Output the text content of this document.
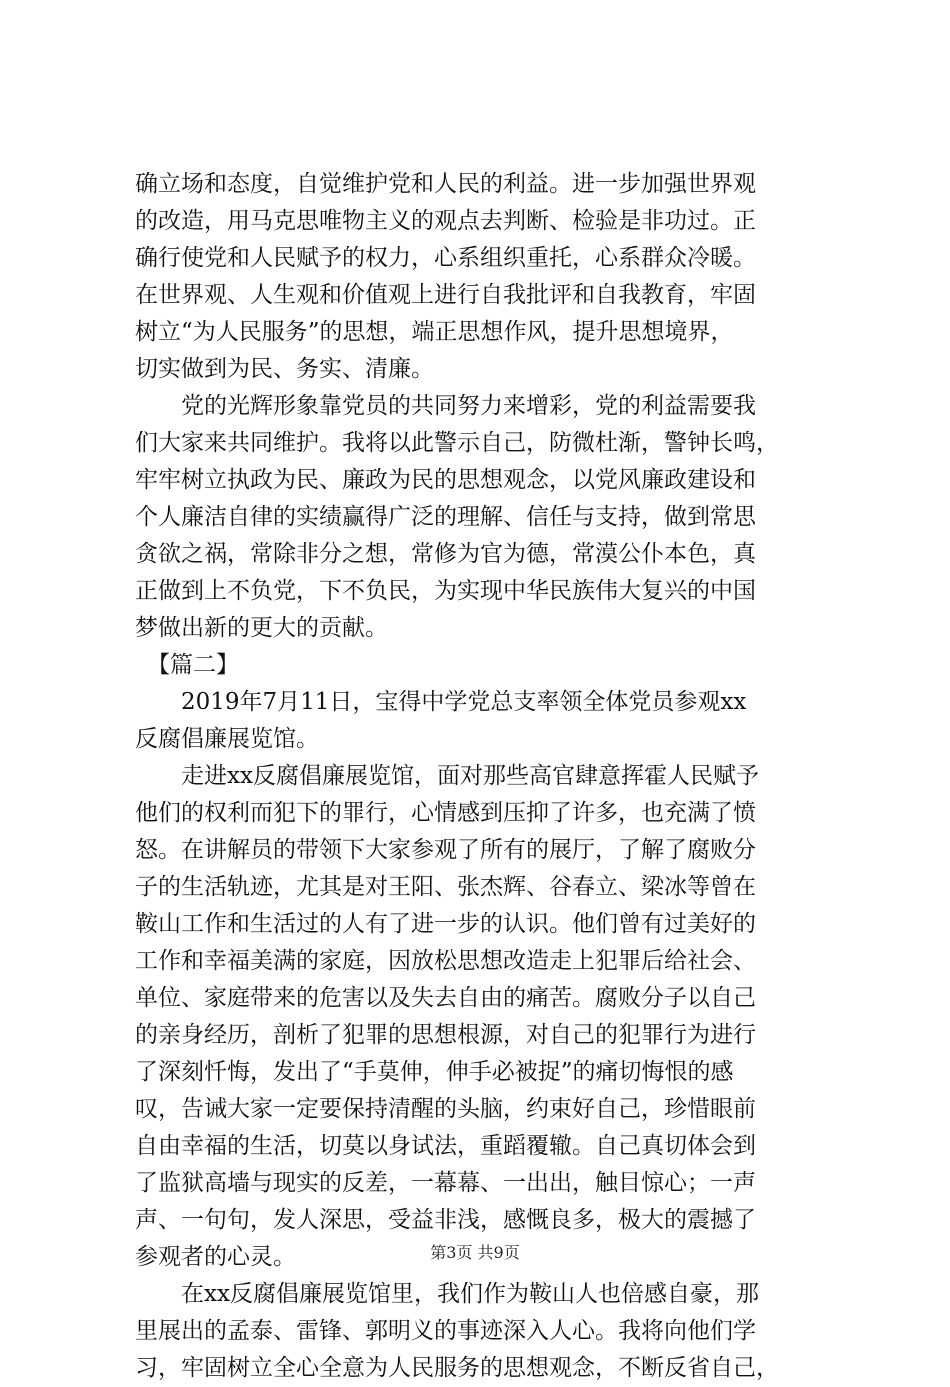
确立场和态度，自觉维护党和人民的利益。进一步加强世界观
的改造，用马克思唯物主义的观点去判断、检验是非功过。正
确行使党和人民赋予的权力，心系组织重托，心系群众冷暖。
在世界观、人生观和价值观上进行自我批评和自我教育，牢固
树立“为人民服务”的思想，端正思想作风，提升思想境界，
切实做到为民、务实、清廉。
党的光辉形象靠党员的共同努力来增彩，党的利益需要我
们大家来共同维护。我将以此警示自己，防微杜渐，警钟长鸣，
牢牢树立执政为民、廉政为民的思想观念，以党风廉政建设和
个人廉洁自律的实绩赢得广泛的理解、信任与支持，做到常思
贪欲之祸，常除非分之想，常修为官为德，常漠公仆本色，真
正做到上不负党，下不负民，为实现中华民族伟大复兴的中国
梦做出新的更大的贡献。
【篇二】
2019年7月11日，宝得中学党总支率领全体党员参观xx
反腐倡廉展览馆。
走进xx反腐倡廉展览馆，面对那些高官肆意挥霍人民赋予
他们的权利而犯下的罪行，心情感到压抑了许多，也充满了愤
怒。在讲解员的带领下大家参观了所有的展厅，了解了腐败分
子的生活轨迹，尤其是对王阳、张杰辉、谷春立、梁冰等曾在
鞍山工作和生活过的人有了进一步的认识。他们曾有过美好的
工作和幸福美满的家庭，因放松思想改造走上犯罪后给社会、
单位、家庭带来的危害以及失去自由的痛苦。腐败分子以自己
的亲身经历，剖析了犯罪的思想根源，对自己的犯罪行为进行
了深刻忏悔，发出了“手莫伸，伸手必被捉”的痛切悔恨的感
叹，告诫大家一定要保持清醒的头脑，约束好自己，珍惜眼前
自由幸福的生活，切莫以身试法，重蹈覆辙。自己真切体会到
了监狱高墙与现实的反差，一幕幕、一出出，触目惊心；一声
声、一句句，发人深思，受益非浅，感慨良多，极大的震撼了
参观者的心灵。
在xx反腐倡廉展览馆里，我们作为鞍山人也倍感自豪，那
里展出的孟泰、雷锋、郭明义的事迹深入人心。我将向他们学
习，牢固树立全心全意为人民服务的思想观念，不断反省自己，
第3页 共9页
